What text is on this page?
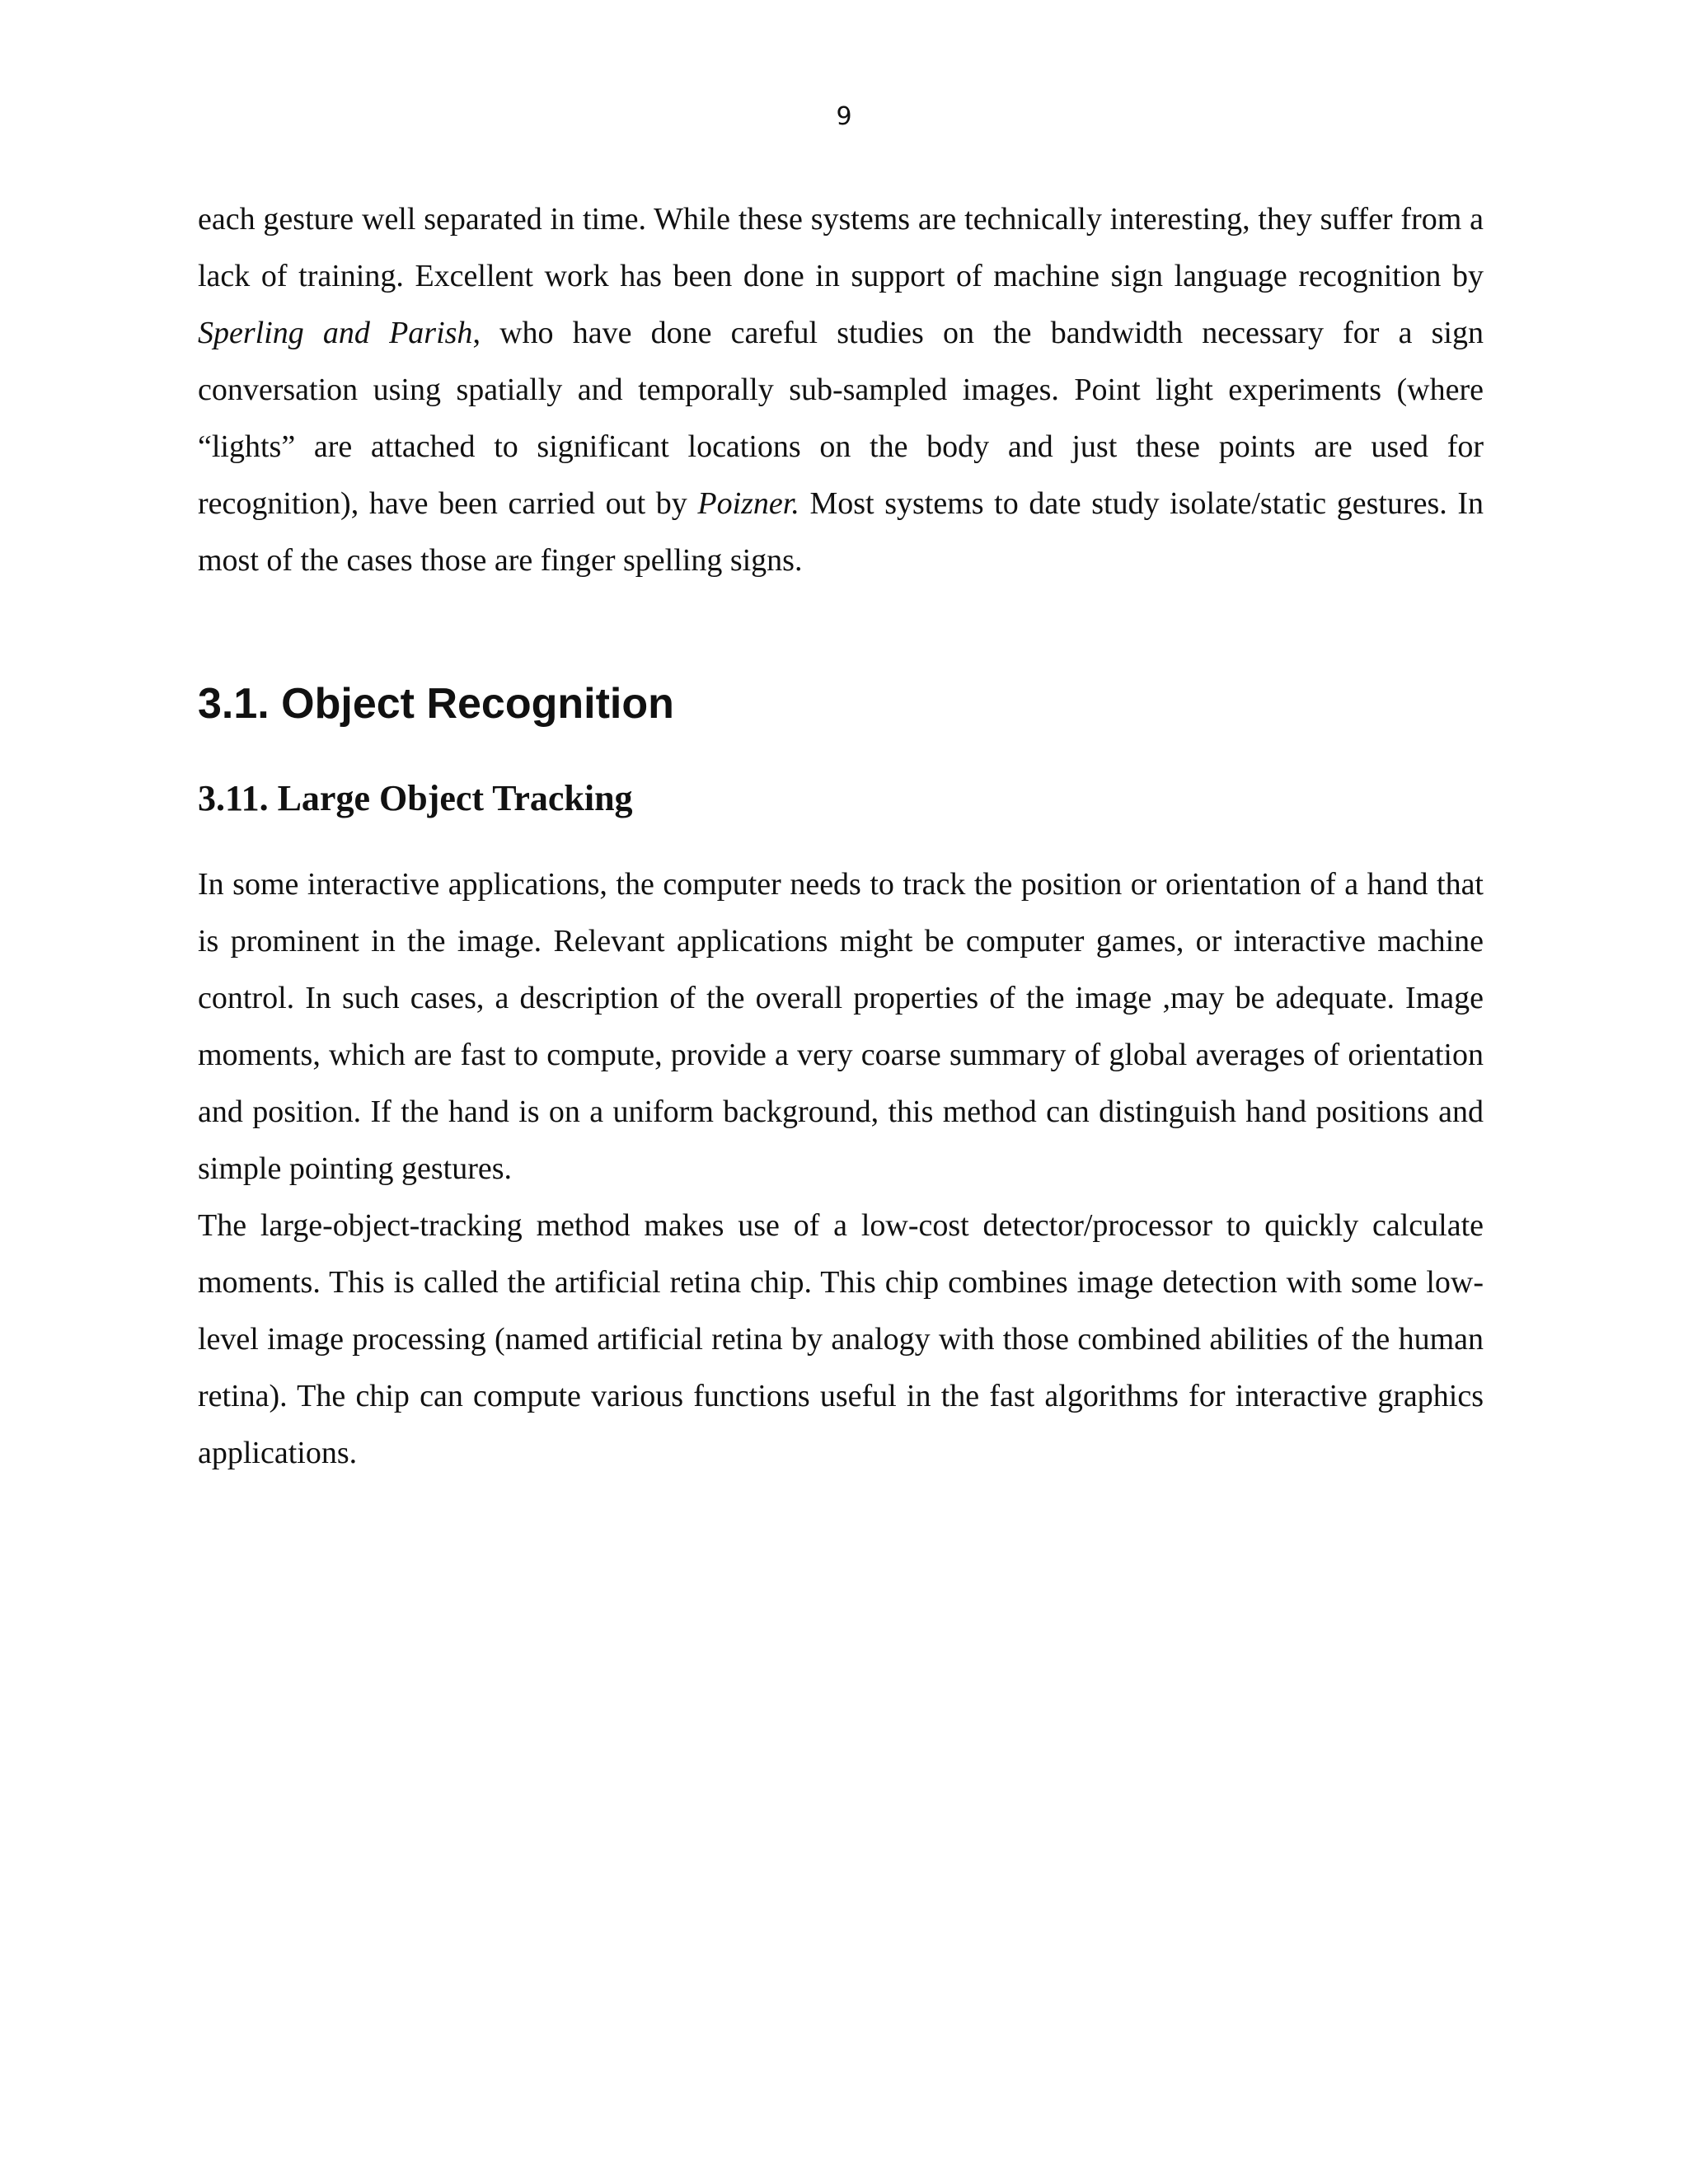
9

each gesture well separated in time. While these systems are technically interesting, they suffer from a lack of training. Excellent work has been done in support of machine sign language recognition by Sperling and Parish, who have done careful studies on the bandwidth necessary for a sign conversation using spatially and temporally sub-sampled images. Point light experiments (where “lights” are attached to significant locations on the body and just these points are used for recognition), have been carried out by Poizner. Most systems to date study isolate/static gestures. In most of the cases those are finger spelling signs.

3.1. Object Recognition
3.11. Large Object Tracking

In some interactive applications, the computer needs to track the position or orientation of a hand that is prominent in the image. Relevant applications might be computer games, or interactive machine control. In such cases, a description of the overall properties of the image ,may be adequate. Image moments, which are fast to compute, provide a very coarse summary of global averages of orientation and position. If the hand is on a uniform background, this method can distinguish hand positions and simple pointing gestures.

The large-object-tracking method makes use of a low-cost detector/processor to quickly calculate moments. This is called the artificial retina chip. This chip combines image detection with some low-level image processing (named artificial retina by analogy with those combined abilities of the human retina). The chip can compute various functions useful in the fast algorithms for interactive graphics applications.
